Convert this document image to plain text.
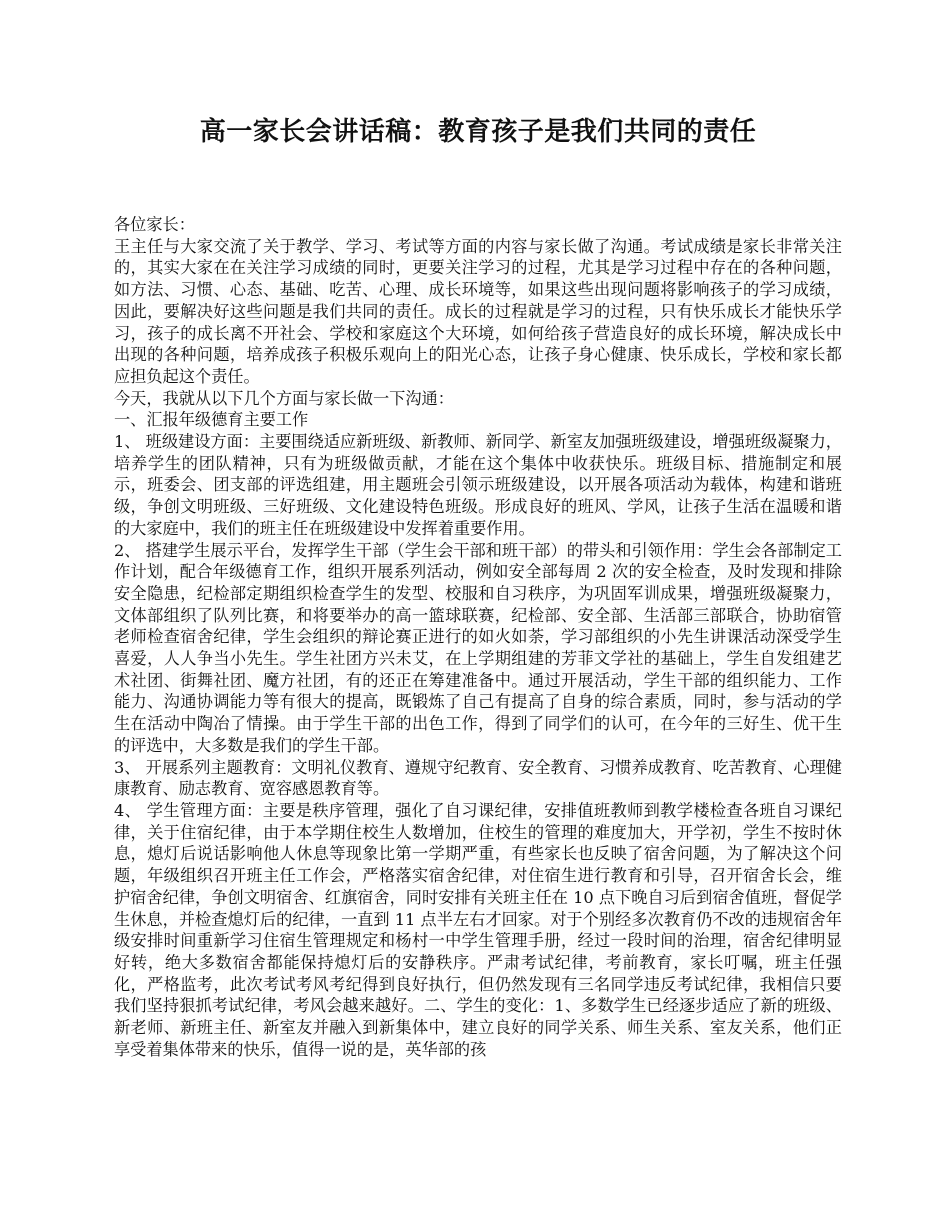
高一家长会讲话稿：教育孩子是我们共同的责任

各位家长：

王主任与大家交流了关于教学、学习、考试等方面的内容与家长做了沟通。考试成绩是家长非常关注的，其实大家在在关注学习成绩的同时，更要关注学习的过程，尤其是学习过程中存在的各种问题，如方法、习惯、心态、基础、吃苦、心理、成长环境等，如果这些出现问题将影响孩子的学习成绩，因此，要解决好这些问题是我们共同的责任。成长的过程就是学习的过程，只有快乐成长才能快乐学习，孩子的成长离不开社会、学校和家庭这个大环境，如何给孩子营造良好的成长环境，解决成长中出现的各种问题，培养成孩子积极乐观向上的阳光心态，让孩子身心健康、快乐成长，学校和家长都应担负起这个责任。

今天，我就从以下几个方面与家长做一下沟通：

一、汇报年级德育主要工作

1、 班级建设方面：主要围绕适应新班级、新教师、新同学、新室友加强班级建设，增强班级凝聚力，培养学生的团队精神，只有为班级做贡献，才能在这个集体中收获快乐。班级目标、措施制定和展示，班委会、团支部的评选组建，用主题班会引领示班级建设，以开展各项活动为载体，构建和谐班级，争创文明班级、三好班级、文化建设特色班级。形成良好的班风、学风，让孩子生活在温暖和谐的大家庭中，我们的班主任在班级建设中发挥着重要作用。

2、 搭建学生展示平台，发挥学生干部（学生会干部和班干部）的带头和引领作用：学生会各部制定工作计划，配合年级德育工作，组织开展系列活动，例如安全部每周 2 次的安全检查，及时发现和排除安全隐患，纪检部定期组织检查学生的发型、校服和自习秩序，为巩固军训成果，增强班级凝聚力，文体部组织了队列比赛，和将要举办的高一篮球联赛，纪检部、安全部、生活部三部联合，协助宿管老师检查宿舍纪律，学生会组织的辩论赛正进行的如火如荼，学习部组织的小先生讲课活动深受学生喜爱，人人争当小先生。学生社团方兴未艾，在上学期组建的芳菲文学社的基础上，学生自发组建艺术社团、街舞社团、魔方社团，有的还正在筹建准备中。通过开展活动，学生干部的组织能力、工作能力、沟通协调能力等有很大的提高，既锻炼了自己有提高了自身的综合素质，同时，参与活动的学生在活动中陶冶了情操。由于学生干部的出色工作，得到了同学们的认可，在今年的三好生、优干生的评选中，大多数是我们的学生干部。

3、 开展系列主题教育：文明礼仪教育、遵规守纪教育、安全教育、习惯养成教育、吃苦教育、心理健康教育、励志教育、宽容感恩教育等。

4、 学生管理方面：主要是秩序管理，强化了自习课纪律，安排值班教师到教学楼检查各班自习课纪律，关于住宿纪律，由于本学期住校生人数增加，住校生的管理的难度加大，开学初，学生不按时休息，熄灯后说话影响他人休息等现象比第一学期严重，有些家长也反映了宿舍问题，为了解决这个问题，年级组织召开班主任工作会，严格落实宿舍纪律，对住宿生进行教育和引导，召开宿舍长会，维护宿舍纪律，争创文明宿舍、红旗宿舍，同时安排有关班主任在 10 点下晚自习后到宿舍值班，督促学生休息，并检查熄灯后的纪律，一直到 11 点半左右才回家。对于个别经多次教育仍不改的违规宿舍年级安排时间重新学习住宿生管理规定和杨村一中学生管理手册，经过一段时间的治理，宿舍纪律明显好转，绝大多数宿舍都能保持熄灯后的安静秩序。严肃考试纪律，考前教育，家长叮嘱，班主任强化，严格监考，此次考试考风考纪得到良好执行，但仍然发现有三名同学违反考试纪律，我相信只要我们坚持狠抓考试纪律，考风会越来越好。二、学生的变化：1、多数学生已经逐步适应了新的班级、新老师、新班主任、新室友并融入到新集体中，建立良好的同学关系、师生关系、室友关系，他们正享受着集体带来的快乐，值得一说的是，英华部的孩
